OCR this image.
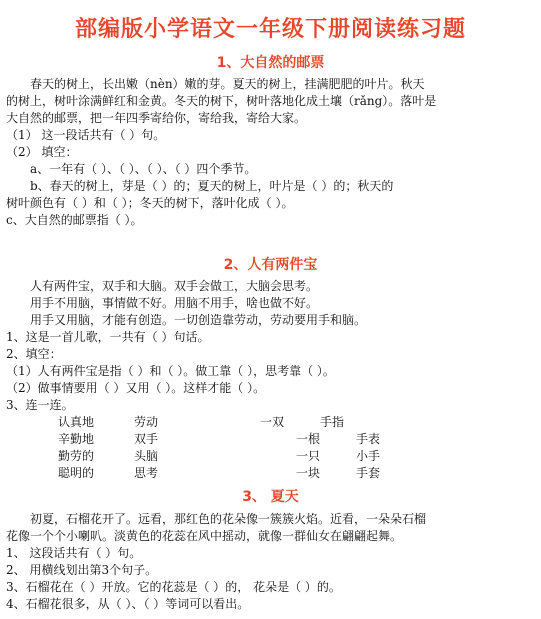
部编版小学语文一年级下册阅读练习题
1、大自然的邮票
春天的树上，长出嫩（nèn）嫩的芽。夏天的树上，挂满肥肥的叶片。秋天
的树上，树叶涂满鲜红和金黄。冬天的树下，树叶落地化成土壤（rǎng）。落叶是
大自然的邮票，把一年四季寄给你，寄给我，寄给大家。
（1） 这一段话共有（ ）句。
（2） 填空：
a、一年有（ ）、（ ）、（ ）、（ ）四个季节。
b、春天的树上，芽是（ ）的；夏天的树上，叶片是（ ）的；秋天的
树叶颜色有（ ）和（ ）；冬天的树下，落叶化成（ ）。
c、大自然的邮票指（ ）。
2、人有两件宝
人有两件宝，双手和大脑。双手会做工，大脑会思考。
用手不用脑，事情做不好。用脑不用手，啥也做不好。
用手又用脑，才能有创造。一切创造靠劳动，劳动要用手和脑。
1、这是一首儿歌，一共有（ ）句话。
2、填空：
（1）人有两件宝是指（ ）和（ ）。做工靠（ ），思考靠（ ）。
（2）做事情要用（ ）又用（ ）。这样才能（ ）。
3、连一连。
认真地
辛勤地
勤劳的
聪明的
劳动
双手
头脑
思考
一双
一根
一只
一块
手指
手表
小手
手套
3、 夏天
初夏，石榴花开了。远看，那红色的花朵像一簇簇火焰。近看，一朵朵石榴
花像一个个小喇叭。淡黄色的花蕊在风中摇动，就像一群仙女在翩翩起舞。
1、 这段话共有（ ）句。
2、 用横线划出第3个句子。
3、石榴花在（ ）开放。它的花蕊是（ ）的， 花朵是（ ）的。
4、石榴花很多，从（ ）、（ ）等词可以看出。
